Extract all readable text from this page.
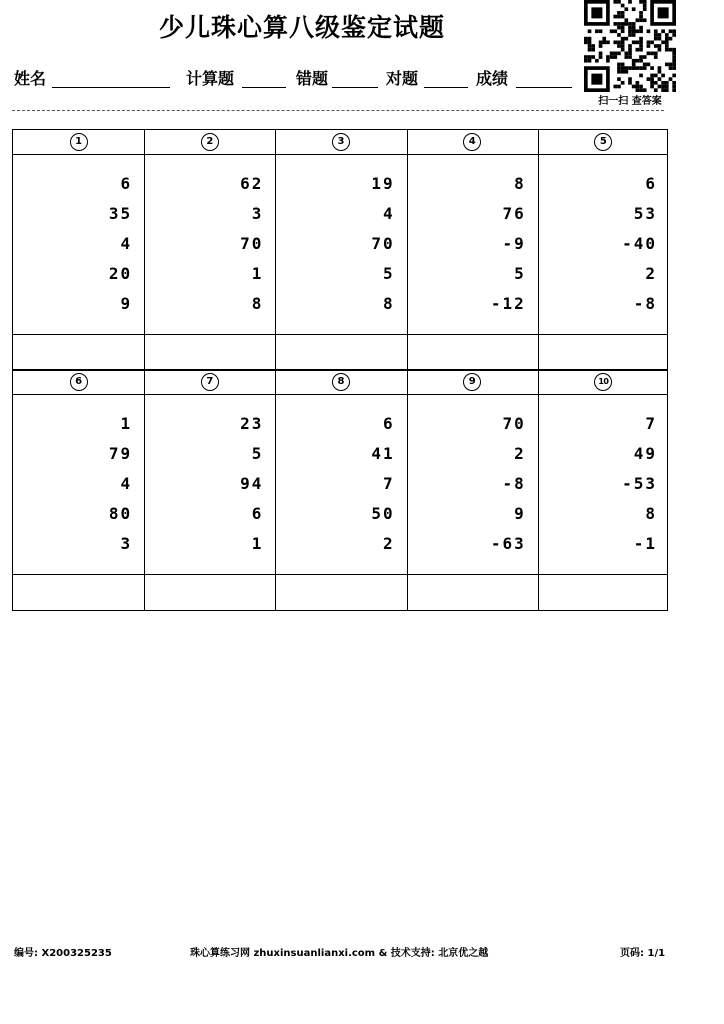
少儿珠心算八级鉴定试题
扫一扫 查答案
姓名	计算题	错题	对题	成绩
1
6
35
4
20
9
2
62
3
70
1
8
3
19
4
70
5
8
4
8
76
-9
5
-12
5
6
53
-40
2
-8
6
1
79
4
80
3
7
23
5
94
6
1
8
6
41
7
50
2
9
70
2
-8
9
-63
10
7
49
-53
8
-1
编号: X200325235	珠心算练习网 zhuxinsuanlianxi.com & 技术支持: 北京优之越	页码: 1/1
